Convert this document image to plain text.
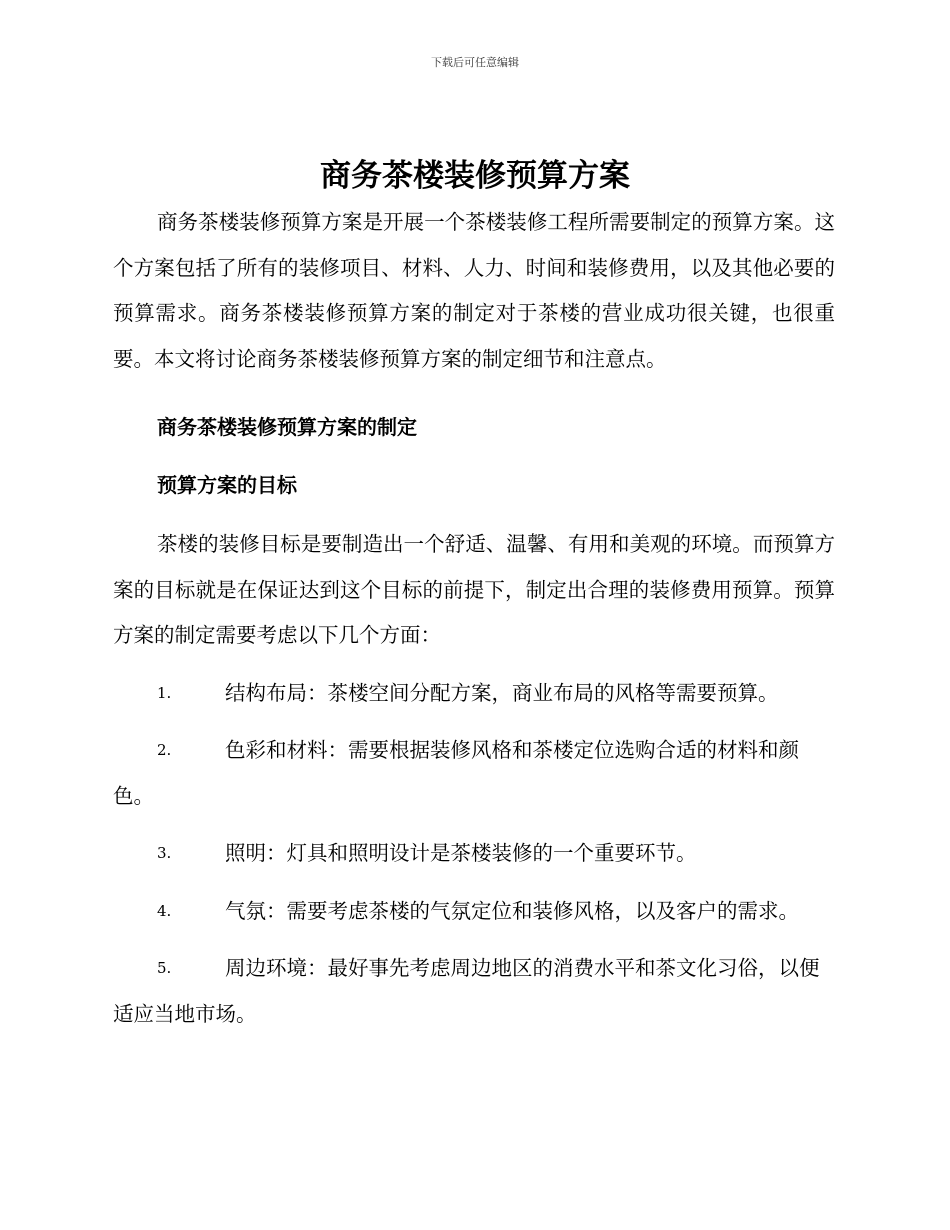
下载后可任意编辑
商务茶楼装修预算方案

商务茶楼装修预算方案是开展一个茶楼装修工程所需要制定的预算方案。这个方案包括了所有的装修项目、材料、人力、时间和装修费用，以及其他必要的预算需求。商务茶楼装修预算方案的制定对于茶楼的营业成功很关键，也很重要。本文将讨论商务茶楼装修预算方案的制定细节和注意点。

商务茶楼装修预算方案的制定

预算方案的目标

茶楼的装修目标是要制造出一个舒适、温馨、有用和美观的环境。而预算方案的目标就是在保证达到这个目标的前提下，制定出合理的装修费用预算。预算方案的制定需要考虑以下几个方面：

1.	结构布局：茶楼空间分配方案，商业布局的风格等需要预算。

2.	色彩和材料：需要根据装修风格和茶楼定位选购合适的材料和颜色。

3.	照明：灯具和照明设计是茶楼装修的一个重要环节。

4.	气氛：需要考虑茶楼的气氛定位和装修风格，以及客户的需求。

5.	周边环境：最好事先考虑周边地区的消费水平和茶文化习俗，以便适应当地市场。
